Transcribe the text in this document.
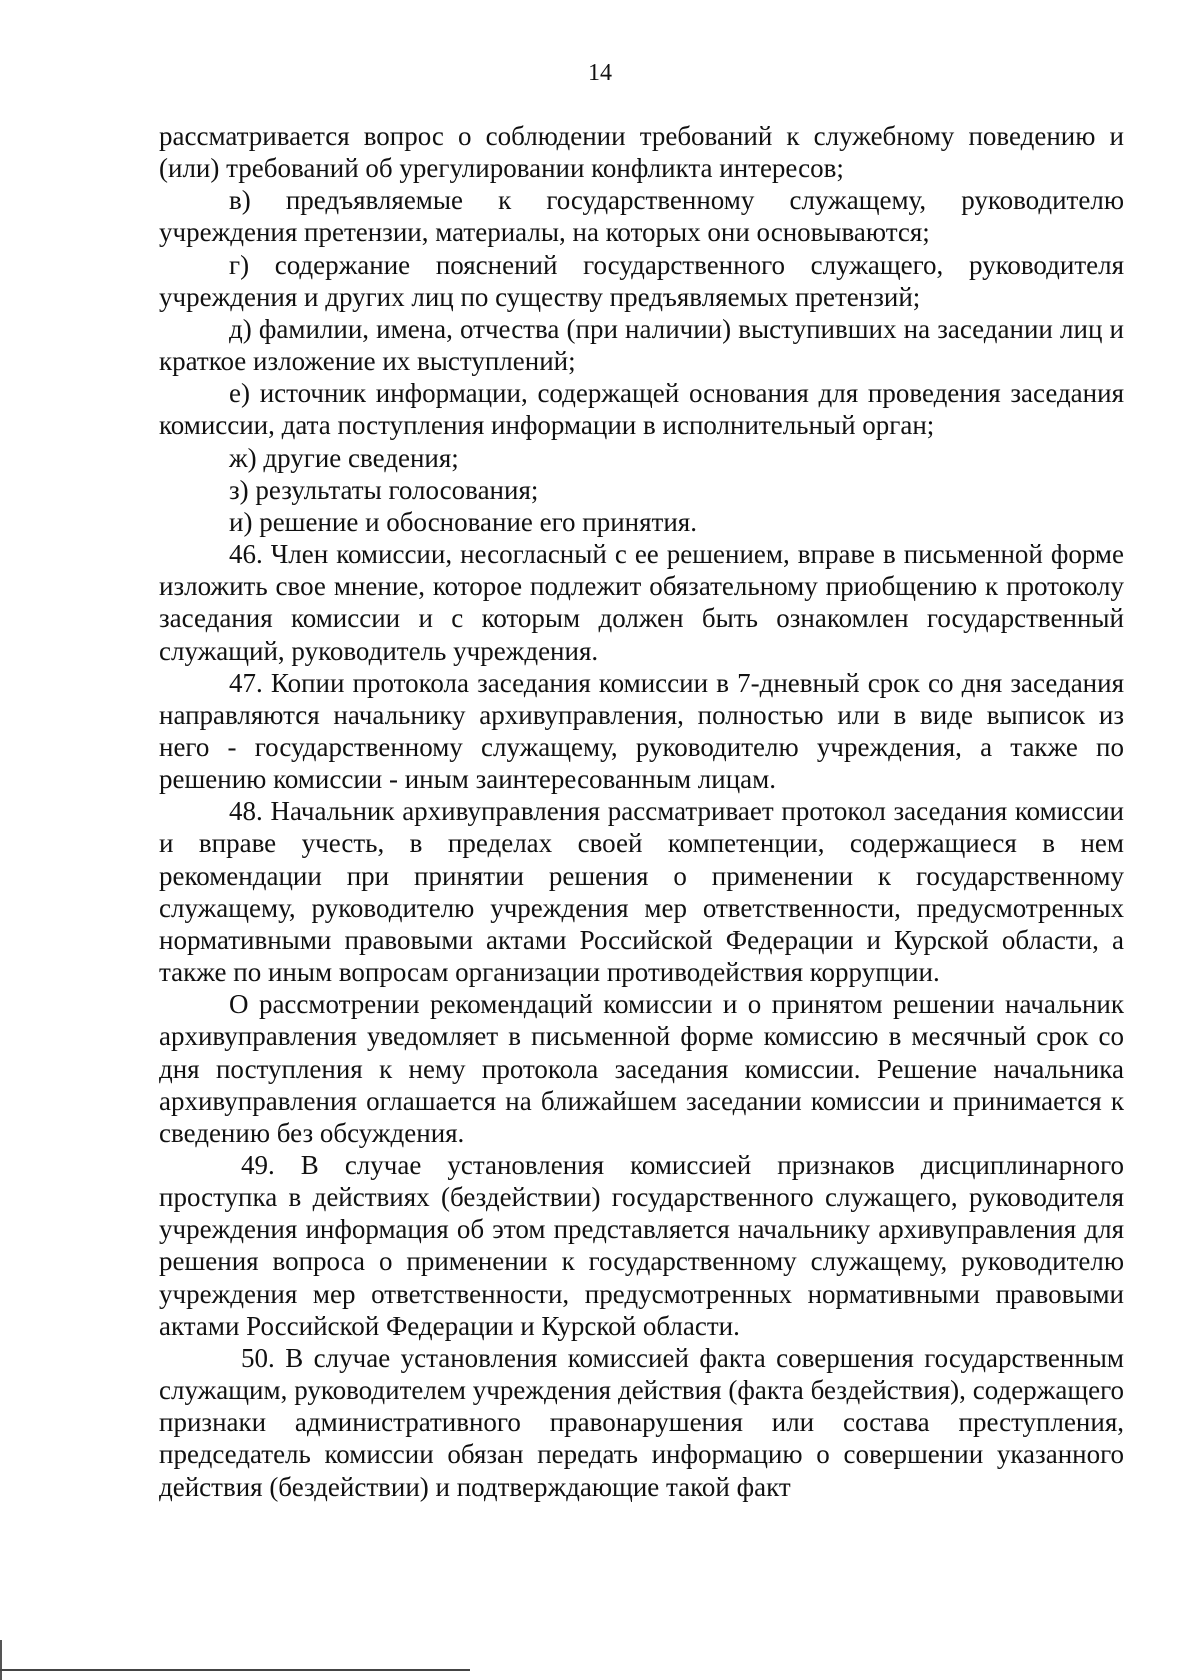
14

рассматривается вопрос о соблюдении требований к служебному поведению и (или) требований об урегулировании конфликта интересов;

в) предъявляемые к государственному служащему, руководителю учреждения претензии, материалы, на которых они основываются;

г) содержание пояснений государственного служащего, руководителя учреждения и других лиц по существу предъявляемых претензий;

д) фамилии, имена, отчества (при наличии) выступивших на заседании лиц и краткое изложение их выступлений;

е) источник информации, содержащей основания для проведения заседания комиссии, дата поступления информации в исполнительный орган;

ж) другие сведения;

з) результаты голосования;

и) решение и обоснование его принятия.

46. Член комиссии, несогласный с ее решением, вправе в письменной форме изложить свое мнение, которое подлежит обязательному приобщению к протоколу заседания комиссии и с которым должен быть ознакомлен государственный служащий, руководитель учреждения.

47. Копии протокола заседания комиссии в 7-дневный срок со дня заседания направляются начальнику архивуправления, полностью или в виде выписок из него - государственному служащему, руководителю учреждения, а также по решению комиссии - иным заинтересованным лицам.

48. Начальник архивуправления рассматривает протокол заседания комиссии и вправе учесть, в пределах своей компетенции, содержащиеся в нем рекомендации при принятии решения о применении к государственному служащему, руководителю учреждения мер ответственности, предусмотренных нормативными правовыми актами Российской Федерации и Курской области, а также по иным вопросам организации противодействия коррупции.

О рассмотрении рекомендаций комиссии и о принятом решении начальник архивуправления уведомляет в письменной форме комиссию в месячный срок со дня поступления к нему протокола заседания комиссии. Решение начальника архивуправления оглашается на ближайшем заседании комиссии и принимается к сведению без обсуждения.

49. В случае установления комиссией признаков дисциплинарного проступка в действиях (бездействии) государственного служащего, руководителя учреждения информация об этом представляется начальнику архивуправления для решения вопроса о применении к государственному служащему, руководителю учреждения мер ответственности, предусмотренных нормативными правовыми актами Российской Федерации и Курской области.

50. В случае установления комиссией факта совершения государственным служащим, руководителем учреждения действия (факта бездействия), содержащего признаки административного правонарушения или состава преступления, председатель комиссии обязан передать информацию о совершении указанного действия (бездействии) и подтверждающие такой факт
